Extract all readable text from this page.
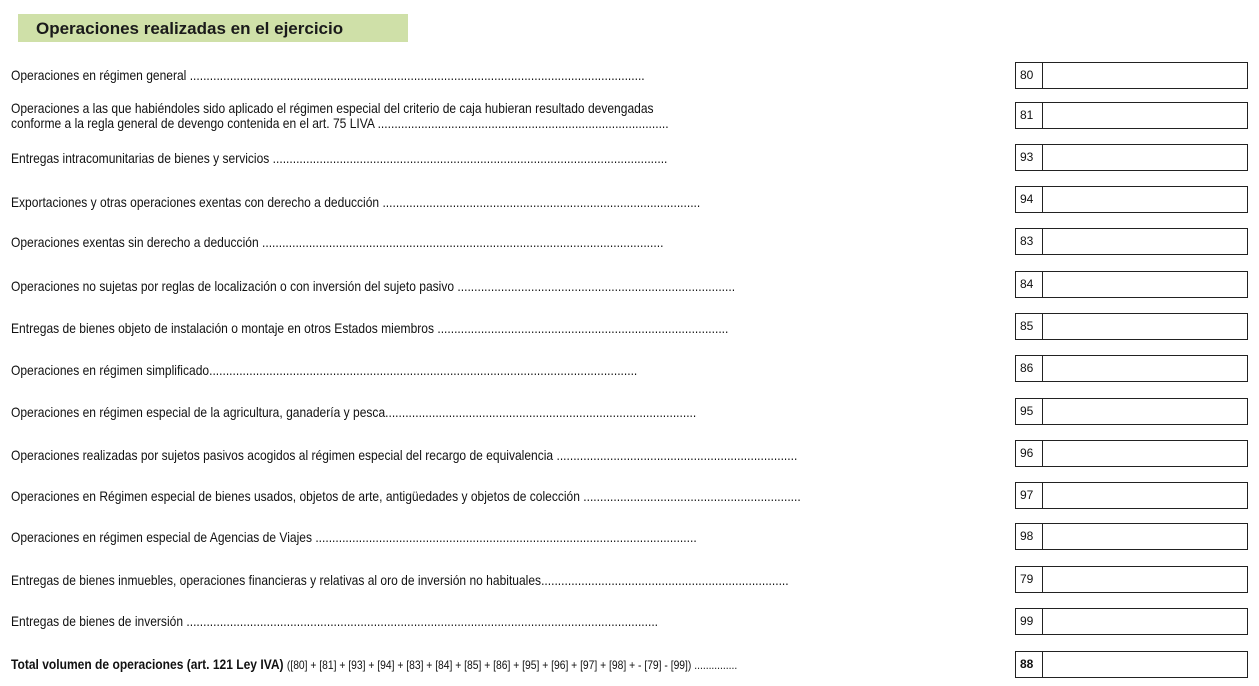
Operaciones realizadas en el ejercicio
Operaciones en régimen general ........................................................................................................................................	80
Operaciones a las que habiéndoles sido aplicado el régimen especial del criterio de caja hubieran resultado devengadas
conforme a la regla general de devengo contenida en el art. 75 LIVA .......................................................................................	81
Entregas intracomunitarias de bienes y servicios ......................................................................................................................	93
Exportaciones y otras operaciones exentas con derecho a deducción ...............................................................................................	94
Operaciones exentas sin derecho a deducción ........................................................................................................................	83
Operaciones no sujetas por reglas de localización o con inversión del sujeto pasivo ...................................................................................	84
Entregas de bienes objeto de instalación o montaje en otros Estados miembros .......................................................................................	85
Operaciones en régimen simplificado................................................................................................................................	86
Operaciones en régimen especial de la agricultura, ganadería y pesca.............................................................................................	95
Operaciones realizadas por sujetos pasivos acogidos al régimen especial del recargo de equivalencia ........................................................................	96
Operaciones en Régimen especial de bienes usados, objetos de arte, antigüedades y objetos de colección .................................................................	97
Operaciones en régimen especial de Agencias de Viajes ..................................................................................................................	98
Entregas de bienes inmuebles, operaciones financieras y relativas al oro de inversión no habituales..........................................................................	79
Entregas de bienes de inversión .............................................................................................................................................	99
Total volumen de operaciones (art. 121 Ley IVA) ([80] + [81] + [93] + [94] + [83] + [84] + [85] + [86] + [95] + [96] + [97] + [98] + - [79] - [99]) ...............	88
